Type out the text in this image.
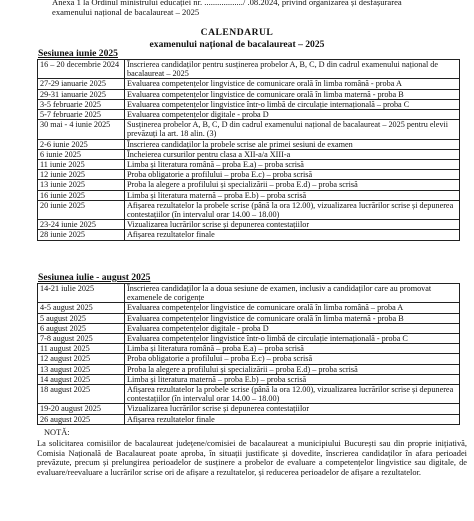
Anexa 1 la Ordinul ministrului educației nr. ................../ .08.2024, privind organizarea și desfășurarea
examenului național de bacalaureat – 2025
CALENDARUL
examenului național de bacalaureat – 2025
Sesiunea iunie 2025
16 – 20 decembrie 2024	Înscrierea candidaților pentru susținerea probelor A, B, C, D din cadrul examenului național de bacalaureat – 2025
27-29 ianuarie 2025	Evaluarea competențelor lingvistice de comunicare orală în limba română - proba A
29-31 ianuarie 2025	Evaluarea competențelor lingvistice de comunicare orală în limba maternă - proba B
3-5 februarie 2025	Evaluarea competențelor lingvistice într-o limbă de circulație internațională – proba C
5-7 februarie 2025	Evaluarea competențelor digitale - proba D
30 mai - 4 iunie 2025	Susținerea probelor A, B, C, D din cadrul examenului național de bacalaureat – 2025 pentru elevii prevăzuți la art. 18 alin. (3)
2-6 iunie 2025	Înscrierea candidaților la probele scrise ale primei sesiuni de examen
6 iunie 2025	Încheierea cursurilor pentru clasa a XII-a/a XIII-a
11 iunie 2025	Limba și literatura română – proba E.a) – proba scrisă
12 iunie 2025	Proba obligatorie a profilului – proba E.c) – proba scrisă
13 iunie 2025	Proba la alegere a profilului și specializării – proba E.d) – proba scrisă
16 iunie 2025	Limba și literatura maternă – proba E.b) – proba scrisă
20 iunie 2025	Afișarea rezultatelor la probele scrise (până la ora 12.00), vizualizarea lucrărilor scrise și depunerea contestațiilor (în intervalul orar 14.00 – 18.00)
23-24 iunie 2025	Vizualizarea lucrărilor scrise și depunerea contestațiilor
28 iunie 2025	Afișarea rezultatelor finale
Sesiunea iulie - august 2025
14-21 iulie 2025	Înscrierea candidaților la a doua sesiune de examen, inclusiv a candidaților care au promovat examenele de corigențe
4-5 august 2025	Evaluarea competențelor lingvistice de comunicare orală în limba română – proba A
5 august 2025	Evaluarea competențelor lingvistice de comunicare orală în limba maternă - proba B
6 august 2025	Evaluarea competențelor digitale - proba D
7-8 august 2025	Evaluarea competențelor lingvistice într-o limbă de circulație internațională - proba C
11 august 2025	Limba și literatura română – proba E.a) – proba scrisă
12 august 2025	Proba obligatorie a profilului – proba E.c) – proba scrisă
13 august 2025	Proba la alegere a profilului și specializării – proba E.d) – proba scrisă
14 august 2025	Limba și literatura maternă – proba E.b) – proba scrisă
18 august 2025	Afișarea rezultatelor la probele scrise (până la ora 12.00), vizualizarea lucrărilor scrise și depunerea contestațiilor (în intervalul orar 14.00 – 18.00)
19-20 august 2025	Vizualizarea lucrărilor scrise și depunerea contestațiilor
26 august 2025	Afișarea rezultatelor finale
NOTĂ:
La solicitarea comisiilor de bacalaureat județene/comisiei de bacalaureat a municipiului București sau din proprie inițiativă, Comisia Națională de Bacalaureat poate aproba, în situații justificate și dovedite, înscrierea candidaților în afara perioadei prevăzute, precum și prelungirea perioadelor de susținere a probelor de evaluare a competențelor lingvistice sau digitale, de evaluare/reevaluare a lucrărilor scrise ori de afișare a rezultatelor, și reducerea perioadelor de afișare a rezultatelor.
